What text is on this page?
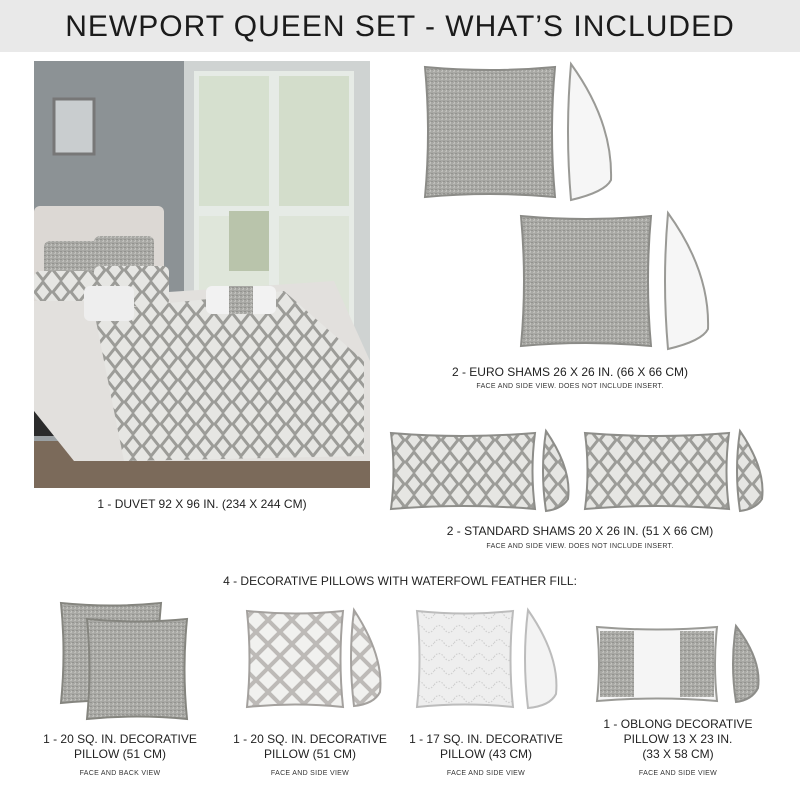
NEWPORT QUEEN SET - WHAT’S INCLUDED
2 - EURO SHAMS 26 X 26 IN. (66 X 66 CM)
FACE AND SIDE VIEW. DOES NOT INCLUDE INSERT.
1 - DUVET 92 X 96 IN. (234 X 244 CM)
2 - STANDARD SHAMS 20 X 26 IN. (51 X 66 CM)
FACE AND SIDE VIEW. DOES NOT INCLUDE INSERT.
4 - DECORATIVE PILLOWS WITH WATERFOWL FEATHER FILL:
1 - 20 SQ. IN. DECORATIVE
PILLOW (51 CM)
FACE AND BACK VIEW
1 - 20 SQ. IN. DECORATIVE
PILLOW (51 CM)
FACE AND SIDE VIEW
1 - 17 SQ. IN. DECORATIVE
PILLOW (43 CM)
FACE AND SIDE VIEW
1 - OBLONG DECORATIVE
PILLOW 13 X 23 IN.
(33 X 58 CM)
FACE AND SIDE VIEW
